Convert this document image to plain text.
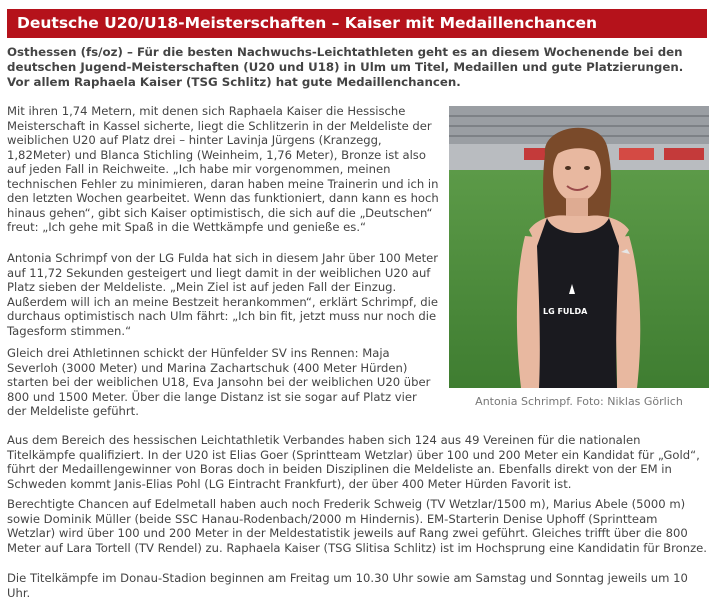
Deutsche U20/U18-Meisterschaften – Kaiser mit Medaillenchancen

Osthessen (fs/oz) – Für die besten Nachwuchs-Leichtathleten geht es an diesem Wochenende bei den deutschen Jugend-Meisterschaften (U20 und U18) in Ulm um Titel, Medaillen und gute Platzierungen. Vor allem Raphaela Kaiser (TSG Schlitz) hat gute Medaillenchancen.

Mit ihren 1,74 Metern, mit denen sich Raphaela Kaiser die Hessische Meisterschaft in Kassel sicherte, liegt die Schlitzerin in der Meldeliste der weiblichen U20 auf Platz drei – hinter Lavinja Jürgens (Kranzegg, 1,82Meter) und Blanca Stichling (Weinheim, 1,76 Meter), Bronze ist also auf jeden Fall in Reichweite. „Ich habe mir vorgenommen, meinen technischen Fehler zu minimieren, daran haben meine Trainerin und ich in den letzten Wochen gearbeitet. Wenn das funktioniert, dann kann es hoch hinaus gehen“, gibt sich Kaiser optimistisch, die sich auf die „Deutschen“ freut: „Ich gehe mit Spaß in die Wettkämpfe und genieße es.“

Antonia Schrimpf von der LG Fulda hat sich in diesem Jahr über 100 Meter auf 11,72 Sekunden gesteigert und liegt damit in der weiblichen U20 auf Platz sieben der Meldeliste. „Mein Ziel ist auf jeden Fall der Einzug. Außerdem will ich an meine Bestzeit herankommen“, erklärt Schrimpf, die durchaus optimistisch nach Ulm fährt: „Ich bin fit, jetzt muss nur noch die Tagesform stimmen.“

Gleich drei Athletinnen schickt der Hünfelder SV ins Rennen: Maja Severloh (3000 Meter) und Marina Zachartschuk (400 Meter Hürden) starten bei der weiblichen U18, Eva Jansohn bei der weiblichen U20 über 800 und 1500 Meter. Über die lange Distanz ist sie sogar auf Platz vier der Meldeliste geführt.

Aus dem Bereich des hessischen Leichtathletik Verbandes haben sich 124 aus 49 Vereinen für die nationalen Titelkämpfe qualifiziert. In der U20 ist Elias Goer (Sprintteam Wetzlar) über 100 und 200 Meter ein Kandidat für „Gold“, führt der Medaillengewinner von Boras doch in beiden Disziplinen die Meldeliste an. Ebenfalls direkt von der EM in Schweden kommt Janis-Elias Pohl (LG Eintracht Frankfurt), der über 400 Meter Hürden Favorit ist.

Berechtigte Chancen auf Edelmetall haben auch noch Frederik Schweig (TV Wetzlar/1500 m), Marius Abele (5000 m) sowie Dominik Müller (beide SSC Hanau-Rodenbach/2000 m Hindernis). EM-Starterin Denise Uphoff (Sprintteam Wetzlar) wird über 100 und 200 Meter in der Meldestatistik jeweils auf Rang zwei geführt. Gleiches trifft über die 800 Meter auf Lara Tortell (TV Rendel) zu. Raphaela Kaiser (TSG Slitisa Schlitz) ist im Hochsprung eine Kandidatin für Bronze.

Die Titelkämpfe im Donau-Stadion beginnen am Freitag um 10.30 Uhr sowie am Samstag und Sonntag jeweils um 10 Uhr.

LG FULDA
Antonia Schrimpf. Foto: Niklas Görlich
